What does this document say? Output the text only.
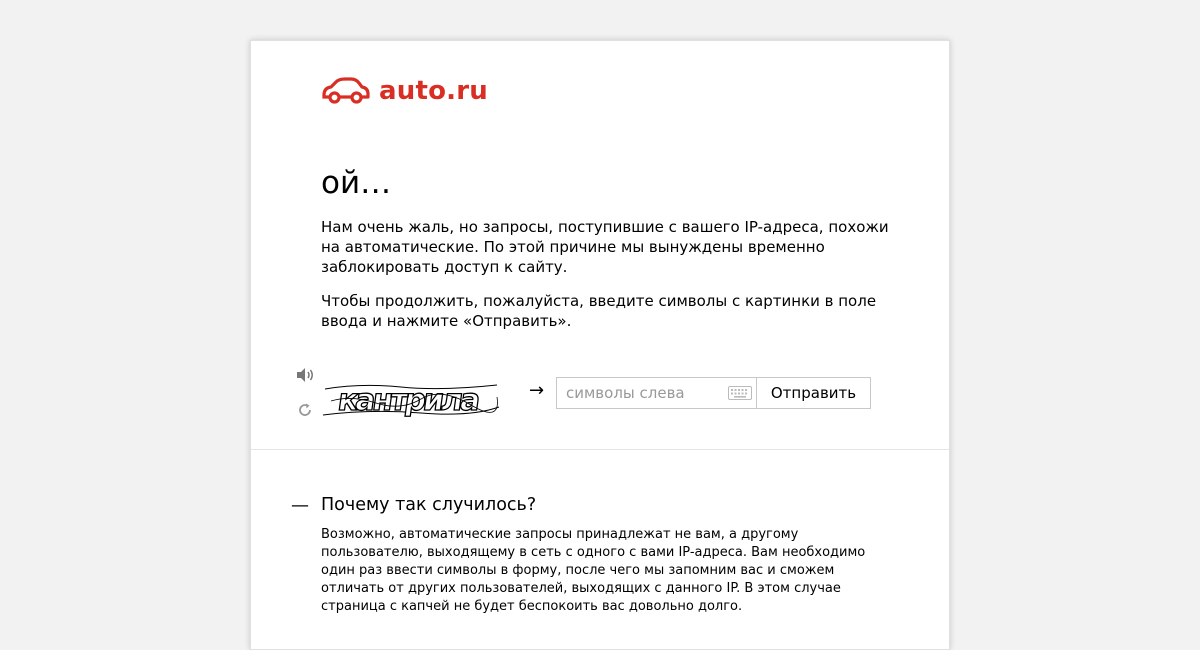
auto.ru
ой…

Нам очень жаль, но запросы, поступившие с вашего IP-адреса, похожи на автоматические. По этой причине мы вынуждены временно заблокировать доступ к сайту.

Чтобы продолжить, пожалуйста, введите символы с картинки в поле ввода и нажмите «Отправить».

кантрила	→
символы слева	Отправить
— Почему так случилось?

Возможно, автоматические запросы принадлежат не вам, а другому пользователю, выходящему в сеть с одного с вами IP-адреса. Вам необходимо один раз ввести символы в форму, после чего мы запомним вас и сможем отличать от других пользователей, выходящих с данного IP. В этом случае страница с капчей не будет беспокоить вас довольно долго.
